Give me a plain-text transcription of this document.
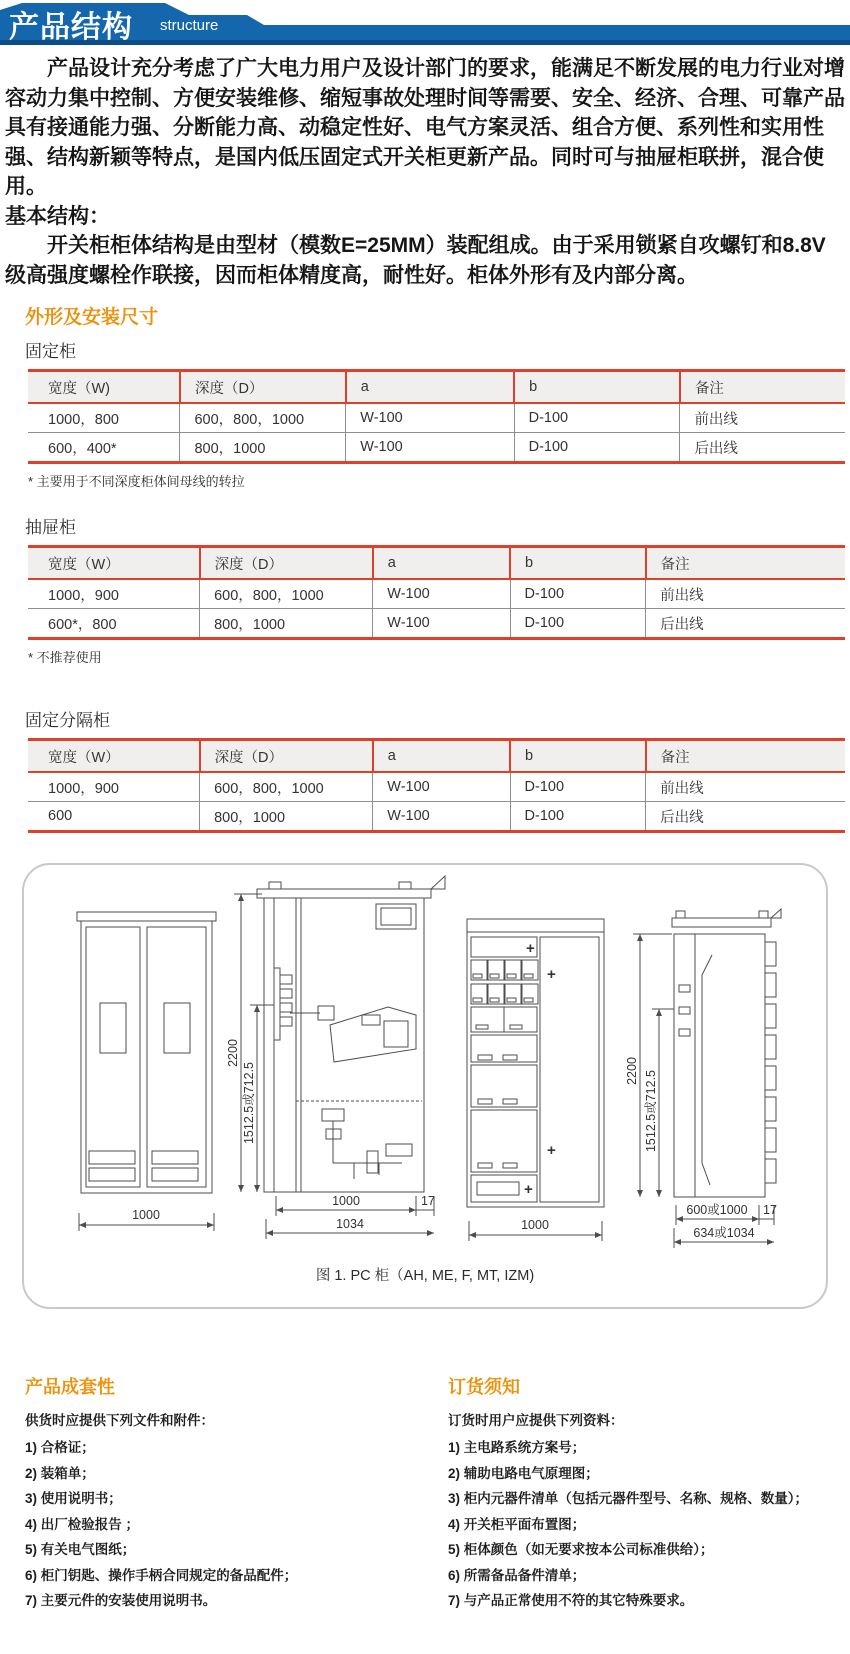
产品结构 structure

产品设计充分考虑了广大电力用户及设计部门的要求，能满足不断发展的电力行业对增容动力集中控制、方便安装维修、缩短事故处理时间等需要、安全、经济、合理、可靠产品具有接通能力强、分断能力高、动稳定性好、电气方案灵活、组合方便、系列性和实用性强、结构新颖等特点，是国内低压固定式开关柜更新产品。同时可与抽屉柜联拼，混合使用。

基本结构：

开关柜柜体结构是由型材（模数E=25MM）装配组成。由于采用锁紧自攻螺钉和8.8V级高强度螺栓作联接，因而柜体精度高，耐性好。柜体外形有及内部分离。

外形及安装尺寸
固定柜
宽度（W)	深度（D）	a	b	备注
1000，800	600，800，1000	W-100	D-100	前出线
600，400*	800，1000	W-100	D-100	后出线
* 主要用于不同深度柜体间母线的转拉
抽屉柜
宽度（W）	深度（D）	a	b	备注
1000，900	600，800，1000	W-100	D-100	前出线
600*，800	800，1000	W-100	D-100	后出线
* 不推荐使用
固定分隔柜
宽度（W）	深度（D）	a	b	备注
1000，900	600，800，1000	W-100	D-100	前出线
600	800，1000	W-100	D-100	后出线
1000
2200
1512.5或712.5
1000	17
1034
+
+
+
+
1000
2200 1512.5或712.5
600或1000 17
634或1034
图 1. PC 柜（AH, ME, F, MT, IZM)
产品成套性
供货时应提供下列文件和附件：
1) 合格证；
2) 装箱单；
3) 使用说明书；
4) 出厂检验报告 ；
5) 有关电气图纸；
6) 柜门钥匙、操作手柄合同规定的备品配件；
7) 主要元件的安装使用说明书。
订货须知
订货时用户应提供下列资料：
1) 主电路系统方案号；
2) 辅助电路电气原理图；
3) 柜内元器件清单（包括元器件型号、名称、规格、数量）；
4) 开关柜平面布置图；
5) 柜体颜色（如无要求按本公司标准供给）；
6) 所需备品备件清单；
7) 与产品正常使用不符的其它特殊要求。
